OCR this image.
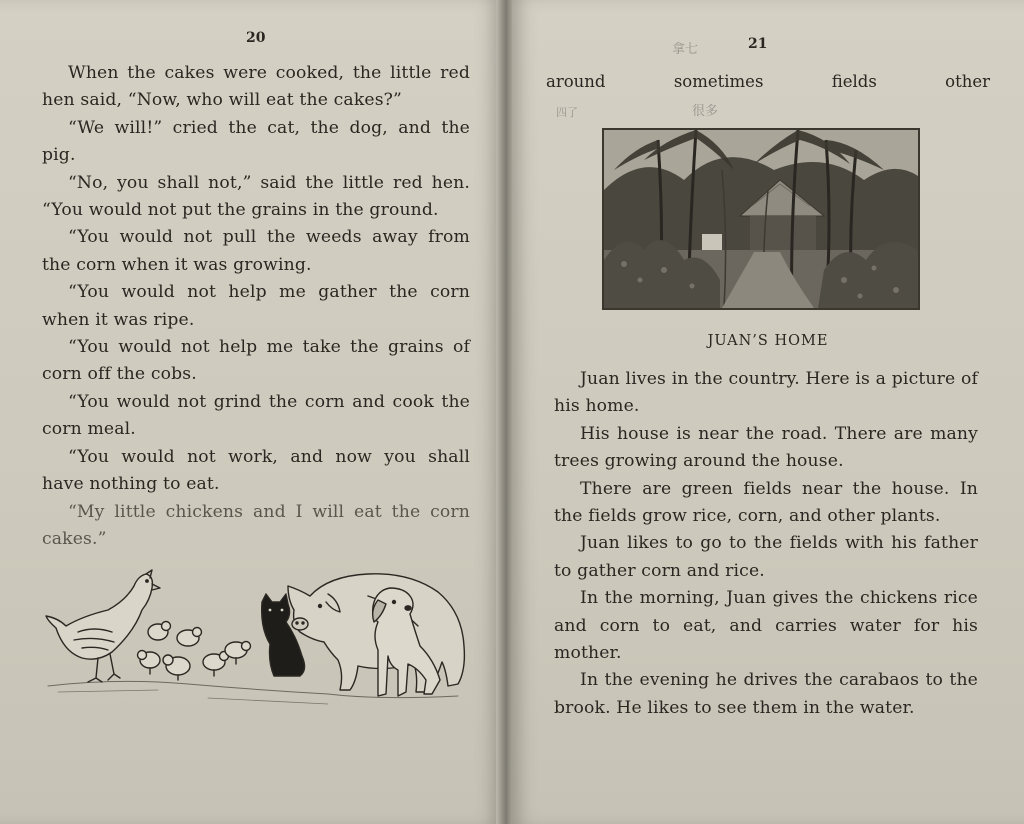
20

When the cakes were cooked, the little red hen said, “Now, who will eat the cakes?”

“We will!” cried the cat, the dog, and the pig.

“No, you shall not,” said the little red hen. “You would not put the grains in the ground.

“You would not pull the weeds away from the corn when it was growing.

“You would not help me gather the corn when it was ripe.

“You would not help me take the grains of corn off the cobs.

“You would not grind the corn and cook the corn meal.

“You would not work, and now you shall have nothing to eat.

“My little chickens and I will eat the corn cakes.”

21
拿七
四了	很多
around	sometimes	fields	other
JUAN’S HOME

Juan lives in the country. Here is a picture of his home.

His house is near the road. There are many trees growing around the house.

There are green fields near the house. In the fields grow rice, corn, and other plants.

Juan likes to go to the fields with his father to gather corn and rice.

In the morning, Juan gives the chickens rice and corn to eat, and carries water for his mother.

In the evening he drives the carabaos to the brook. He likes to see them in the water.
